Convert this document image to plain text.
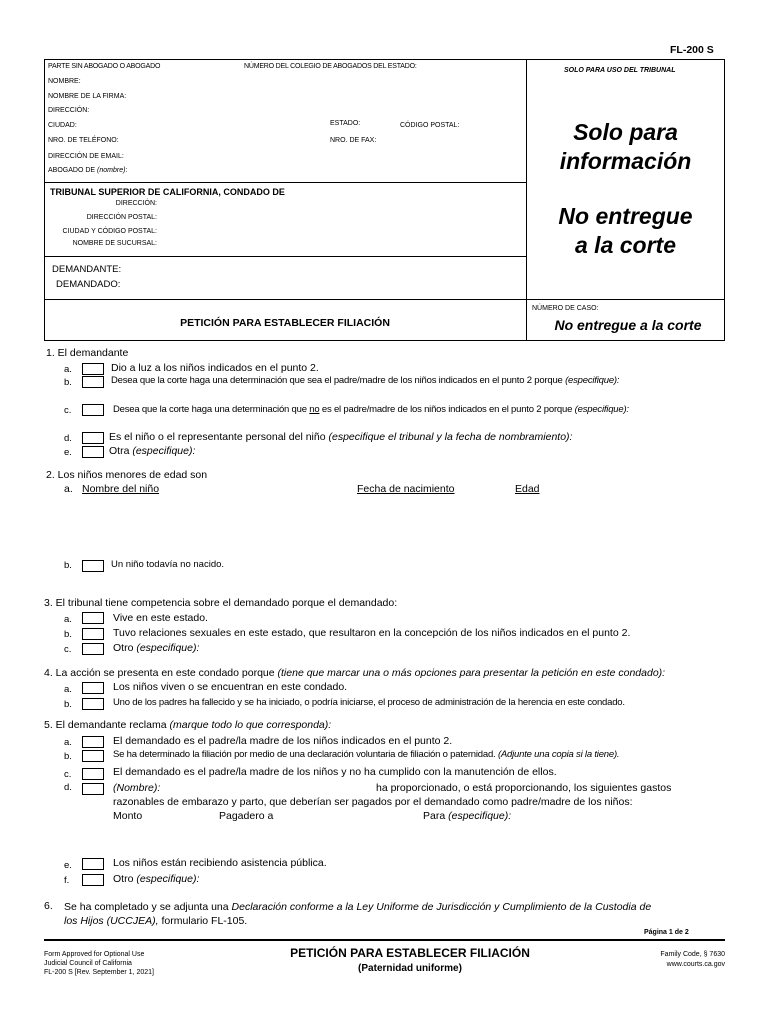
FL-200 S
PARTE SIN ABOGADO O ABOGADO	NÚMERO DEL COLEGIO DE ABOGADOS DEL ESTADO:
SOLO PARA USO DEL TRIBUNAL
NOMBRE:
NOMBRE DE LA FIRMA:
DIRECCIÓN:
CIUDAD:	ESTADO:	CÓDIGO POSTAL:
NRO. DE TELÉFONO:	NRO. DE FAX:
DIRECCIÓN DE EMAIL:
ABOGADO DE (nombre):
Solo para
información
No entregue
a la corte
TRIBUNAL SUPERIOR DE CALIFORNIA, CONDADO DE
DIRECCIÓN:
DIRECCIÓN POSTAL:
CIUDAD Y CÓDIGO POSTAL:
NOMBRE DE SUCURSAL:
DEMANDANTE:
DEMANDADO:
PETICIÓN PARA ESTABLECER FILIACIÓN
NÚMERO DE CASO:
No entregue a la corte
1. El demandante
a.	Dio a luz a los niños indicados en el punto 2.
b.	Desea que la corte haga una determinación que sea el padre/madre de los niños indicados en el punto 2 porque (especifique):
c.	Desea que la corte haga una determinación que no es el padre/madre de los niños indicados en el punto 2 porque (especifique):
d.	Es el niño o el representante personal del niño (especifique el tribunal y la fecha de nombramiento):
e.	Otra (especifique):
2. Los niños menores de edad son
a. Nombre del niño	Fecha de nacimiento	Edad
b.	Un niño todavía no nacido.
3. El tribunal tiene competencia sobre el demandado porque el demandado:
a.	Vive en este estado.
b.	Tuvo relaciones sexuales en este estado, que resultaron en la concepción de los niños indicados en el punto 2.
c.	Otro (especifique):
4. La acción se presenta en este condado porque (tiene que marcar una o más opciones para presentar la petición en este condado):
a.	Los niños viven o se encuentran en este condado.
b.	Uno de los padres ha fallecido y se ha iniciado, o podría iniciarse, el proceso de administración de la herencia en este condado.
5. El demandante reclama (marque todo lo que corresponda):
a.	El demandado es el padre/la madre de los niños indicados en el punto 2.
b.	Se ha determinado la filiación por medio de una declaración voluntaria de filiación o paternidad. (Adjunte una copia si la tiene).
c.	El demandado es el padre/la madre de los niños y no ha cumplido con la manutención de ellos.
d.	(Nombre):	ha proporcionado, o está proporcionando, los siguientes gastos
razonables de embarazo y parto, que deberían ser pagados por el demandado como padre/madre de los niños:
Monto	Pagadero a	Para (especifique):
e.	Los niños están recibiendo asistencia pública.
f.	Otro (especifique):
6. Se ha completado y se adjunta una Declaración conforme a la Ley Uniforme de Jurisdicción y Cumplimiento de la Custodia de
los Hijos (UCCJEA), formulario FL-105.
Página 1 de 2
Form Approved for Optional Use
Judicial Council of California
FL-200 S [Rev. September 1, 2021]
PETICIÓN PARA ESTABLECER FILIACIÓN
(Paternidad uniforme)
Family Code, § 7630
www.courts.ca.gov
